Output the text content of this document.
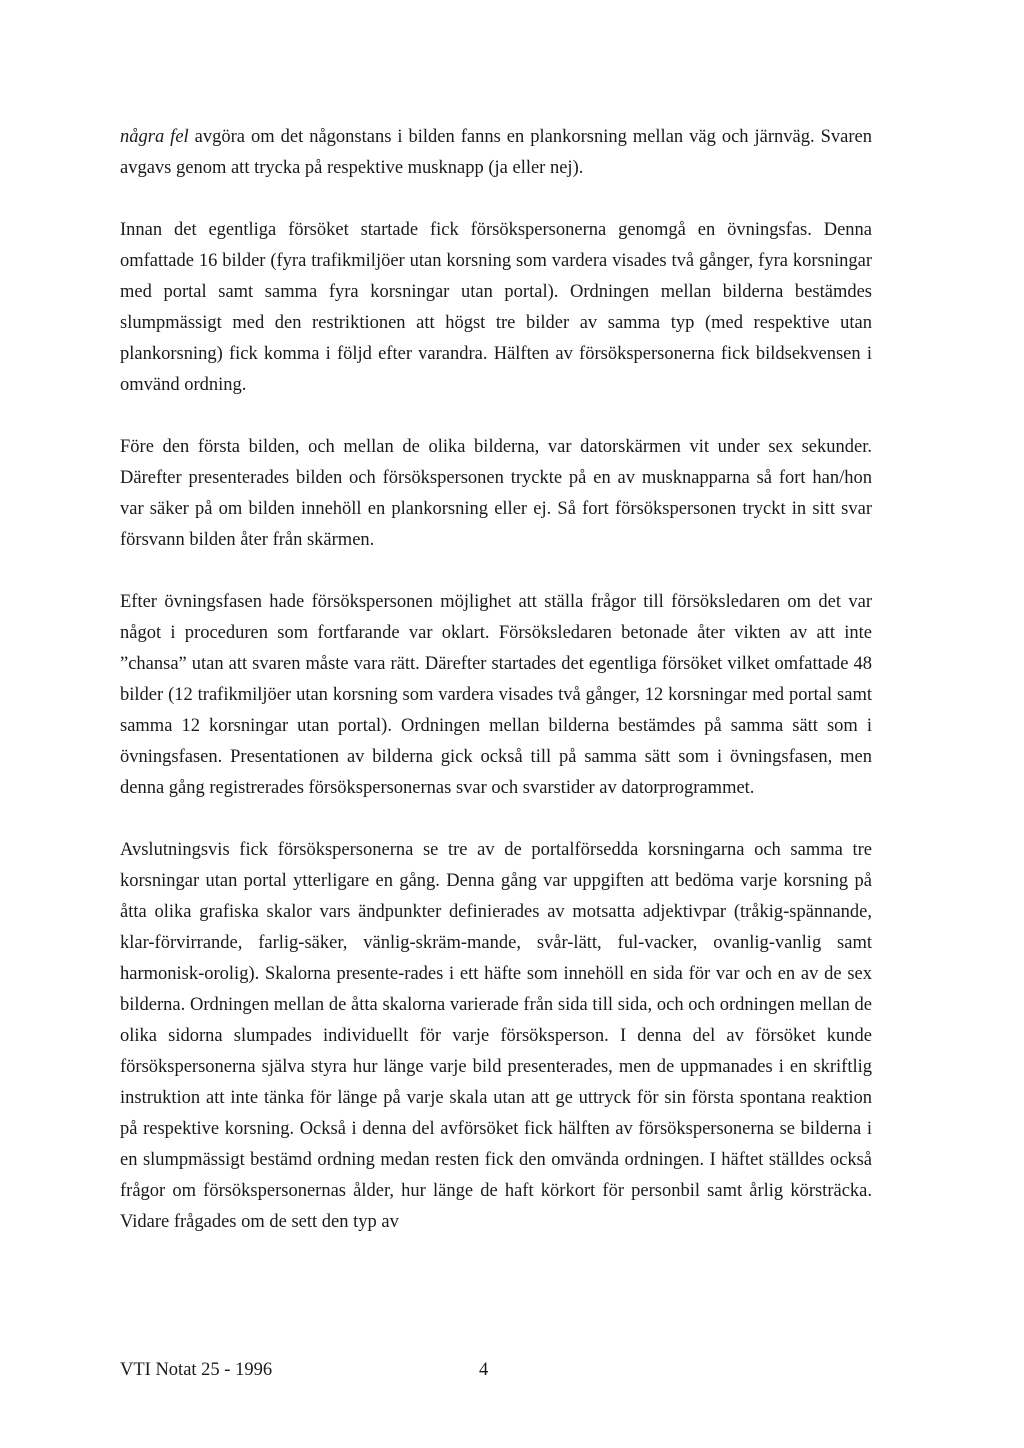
några fel avgöra om det någonstans i bilden fanns en plankorsning mellan väg och järnväg. Svaren avgavs genom att trycka på respektive musknapp (ja eller nej).

Innan det egentliga försöket startade fick försökspersonerna genomgå en övningsfas. Denna omfattade 16 bilder (fyra trafikmiljöer utan korsning som vardera visades två gånger, fyra korsningar med portal samt samma fyra korsningar utan portal). Ordningen mellan bilderna bestämdes slumpmässigt med den restriktionen att högst tre bilder av samma typ (med respektive utan plankorsning) fick komma i följd efter varandra. Hälften av försökspersonerna fick bildsekvensen i omvänd ordning.

Före den första bilden, och mellan de olika bilderna, var datorskärmen vit under sex sekunder. Därefter presenterades bilden och försökspersonen tryckte på en av musknapparna så fort han/hon var säker på om bilden innehöll en plankorsning eller ej. Så fort försökspersonen tryckt in sitt svar försvann bilden åter från skärmen.

Efter övningsfasen hade försökspersonen möjlighet att ställa frågor till försöksledaren om det var något i proceduren som fortfarande var oklart. Försöksledaren betonade åter vikten av att inte ”chansa” utan att svaren måste vara rätt. Därefter startades det egentliga försöket vilket omfattade 48 bilder (12 trafikmiljöer utan korsning som vardera visades två gånger, 12 korsningar med portal samt samma 12 korsningar utan portal). Ordningen mellan bilderna bestämdes på samma sätt som i övningsfasen. Presentationen av bilderna gick också till på samma sätt som i övningsfasen, men denna gång registrerades försökspersonernas svar och svarstider av datorprogrammet.

Avslutningsvis fick försökspersonerna se tre av de portalförsedda korsningarna och samma tre korsningar utan portal ytterligare en gång. Denna gång var uppgiften att bedöma varje korsning på åtta olika grafiska skalor vars ändpunkter definierades av motsatta adjektivpar (tråkig-spännande, klar-förvirrande, farlig-säker, vänlig-skräm-mande, svår-lätt, ful-vacker, ovanlig-vanlig samt harmonisk-orolig). Skalorna presente-rades i ett häfte som innehöll en sida för var och en av de sex bilderna. Ordningen mellan de åtta skalorna varierade från sida till sida, och och ordningen mellan de olika sidorna slumpades individuellt för varje försöksperson. I denna del av försöket kunde försökspersonerna själva styra hur länge varje bild presenterades, men de uppmanades i en skriftlig instruktion att inte tänka för länge på varje skala utan att ge uttryck för sin första spontana reaktion på respektive korsning. Också i denna del avförsöket fick hälften av försökspersonerna se bilderna i en slumpmässigt bestämd ordning medan resten fick den omvända ordningen. I häftet ställdes också frågor om försökspersonernas ålder, hur länge de haft körkort för personbil samt årlig körsträcka. Vidare frågades om de sett den typ av

VTI Notat 25 - 1996	4
